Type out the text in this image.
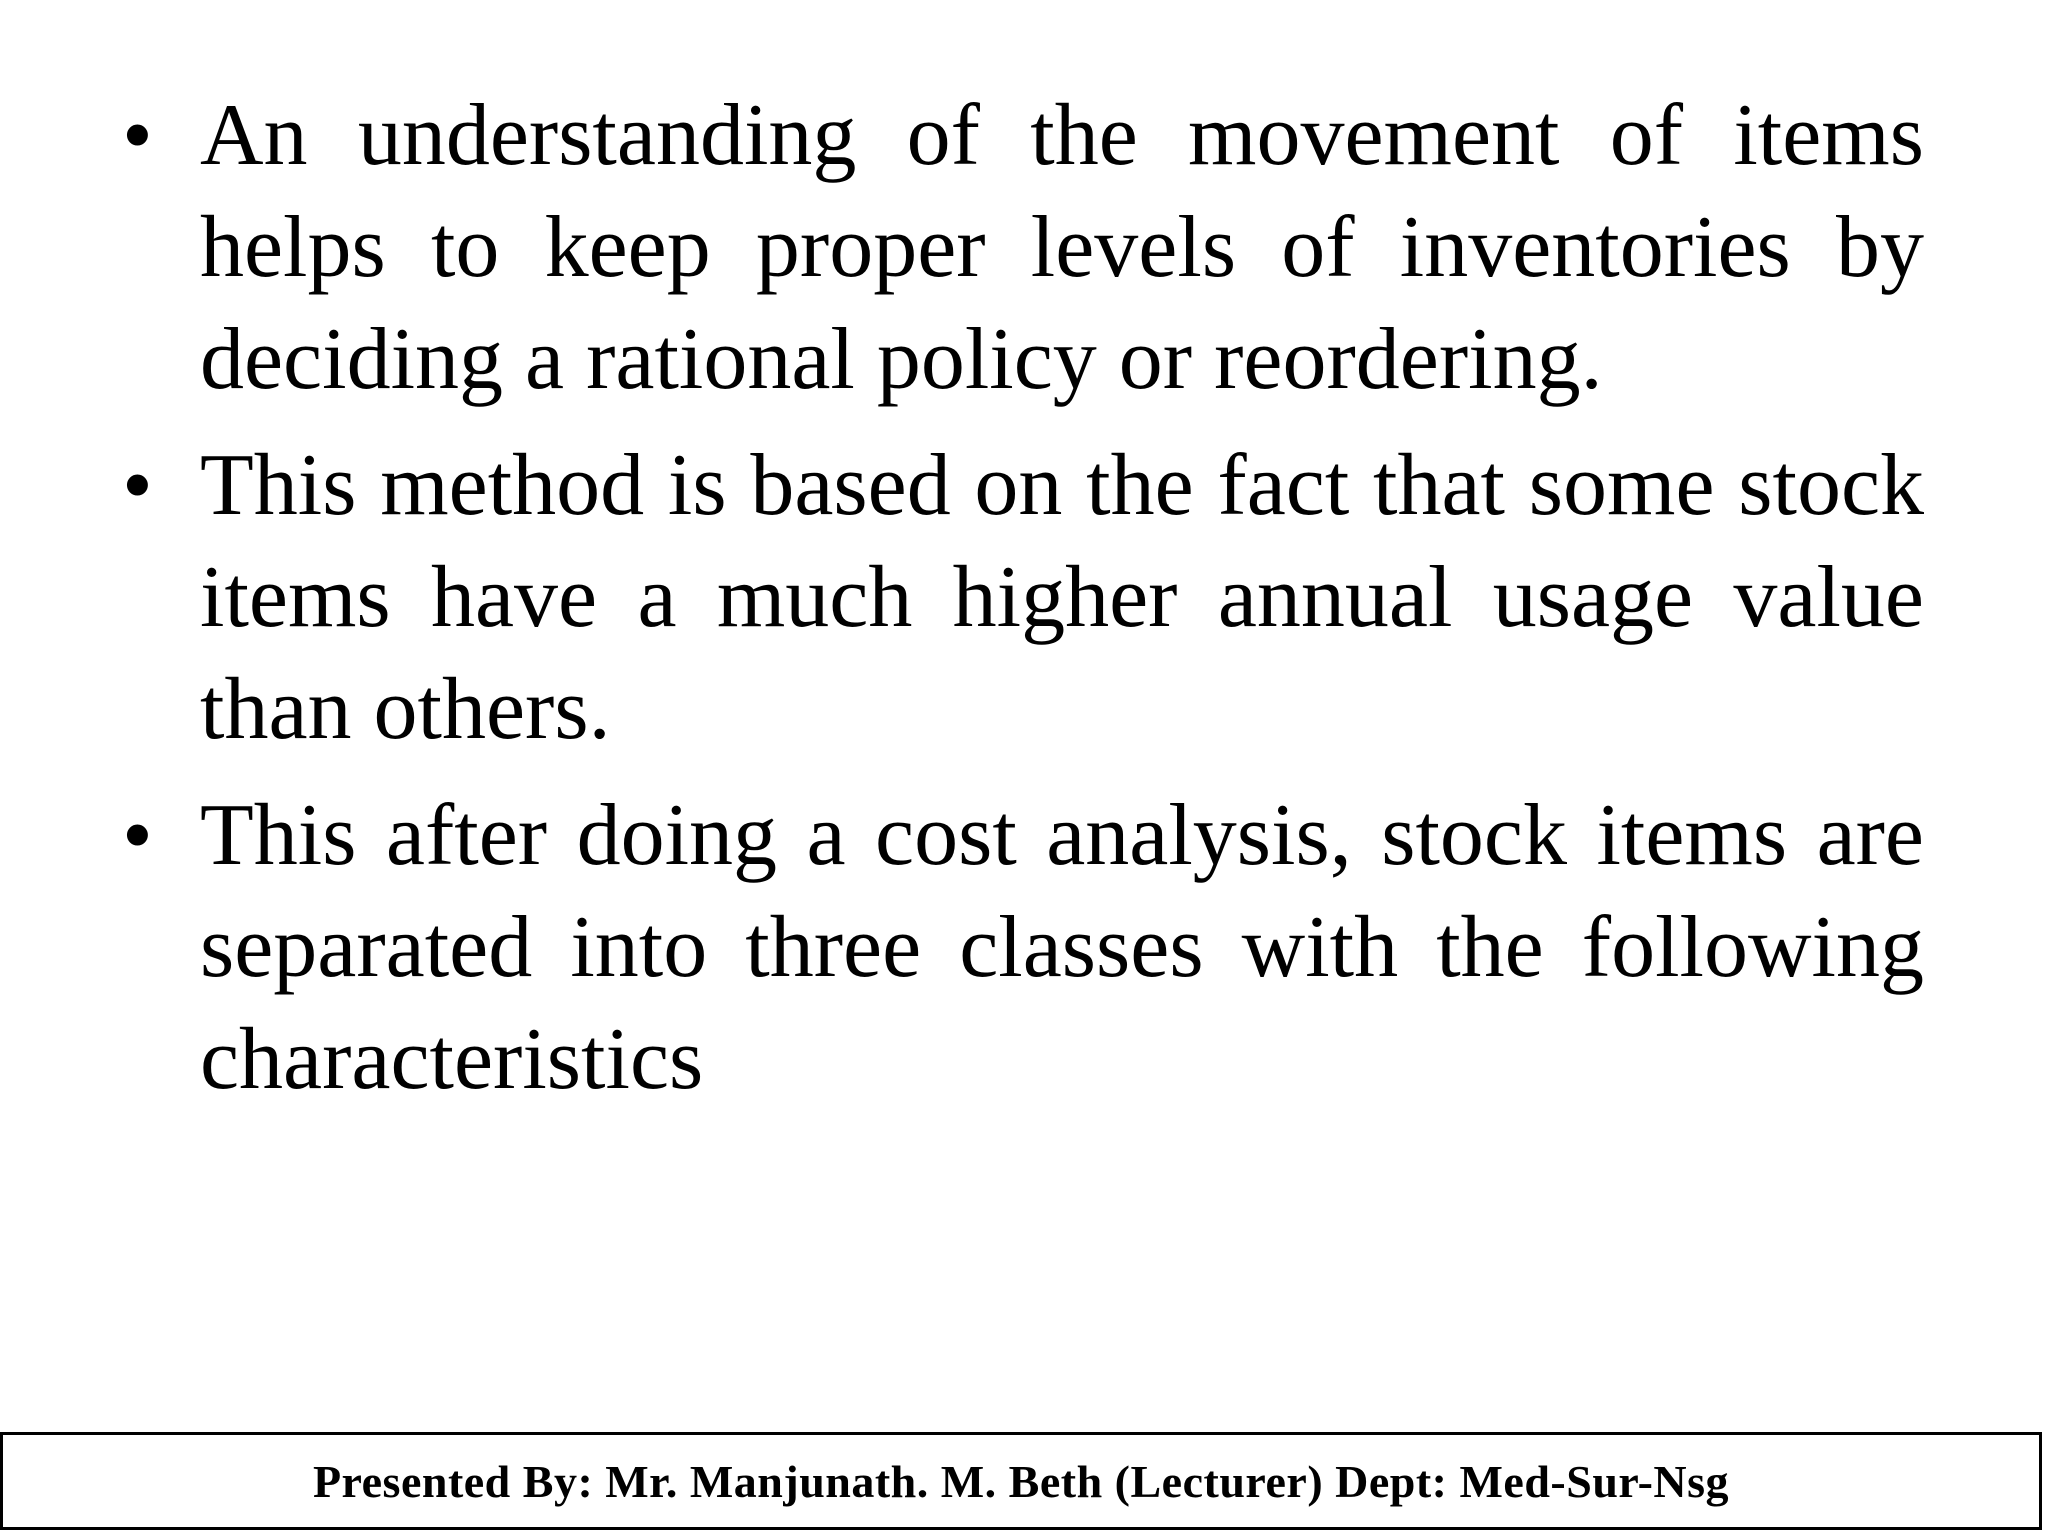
• An understanding of the movement of items helps to keep proper levels of inventories by deciding a rational policy or reordering.
• This method is based on the fact that some stock items have a much higher annual usage value than others.
• This after doing a cost analysis, stock items are separated into three classes with the following characteristics
Presented By: Mr. Manjunath. M. Beth (Lecturer) Dept: Med-Sur-Nsg
